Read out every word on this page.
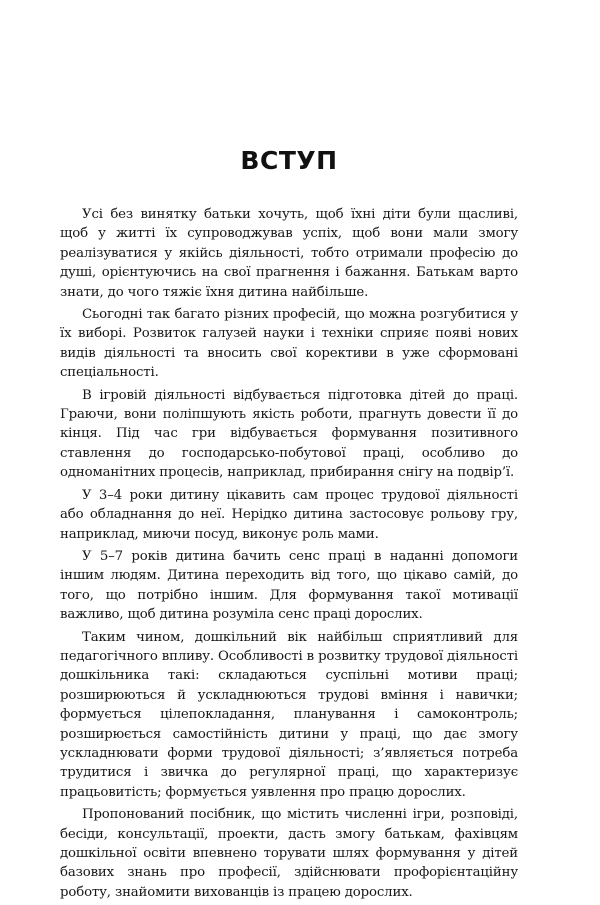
ВСТУП

Усі без винятку батьки хочуть, щоб їхні діти були щасливі, щоб у житті їх супроводжував успіх, щоб вони мали змогу реалізуватися у якійсь діяльності, тобто отримали професію до душі, орієнтуючись на свої прагнення і бажання. Батькам варто знати, до чого тяжіє їхня дитина найбільше.

Сьогодні так багато різних професій, що можна розгубитися у їх виборі. Розвиток галузей науки і техніки сприяє появі нових видів діяльності та вносить свої корективи в уже сформовані спеціальності.

В ігровій діяльності відбувається підготовка дітей до праці. Граючи, вони поліпшують якість роботи, прагнуть довести її до кінця. Під час гри відбувається формування позитивного ставлення до господарсько-побутової праці, особливо до одноманітних процесів, наприклад, прибирання снігу на подвір’ї.

У 3–4 роки дитину цікавить сам процес трудової діяльності або обладнання до неї. Нерідко дитина застосовує рольову гру, наприклад, миючи посуд, виконує роль мами.

У 5–7 років дитина бачить сенс праці в наданні допомоги іншим людям. Дитина переходить від того, що цікаво самій, до того, що потрібно іншим. Для формування такої мотивації важливо, щоб дитина розуміла сенс праці дорослих.

Таким чином, дошкільний вік найбільш сприятливий для педагогічного впливу. Особливості в розвитку трудової діяльності дошкільника такі: складаються суспільні мотиви праці; розширюються й ускладнюються трудові вміння і навички; формується цілепокладання, планування і самоконтроль; розширюється самостійність дитини у праці, що дає змогу ускладнювати форми трудової діяльності; з’являється потреба трудитися і звичка до регулярної праці, що характеризує працьовитість; формується уявлення про працю дорослих.

Пропонований посібник, що містить численні ігри, розповіді, бесіди, консультації, проекти, дасть змогу батькам, фахівцям дошкільної освіти впевнено торувати шлях формування у дітей базових знань про професії, здійснювати профорієнтаційну роботу, знайомити вихованців із працею дорослих.
